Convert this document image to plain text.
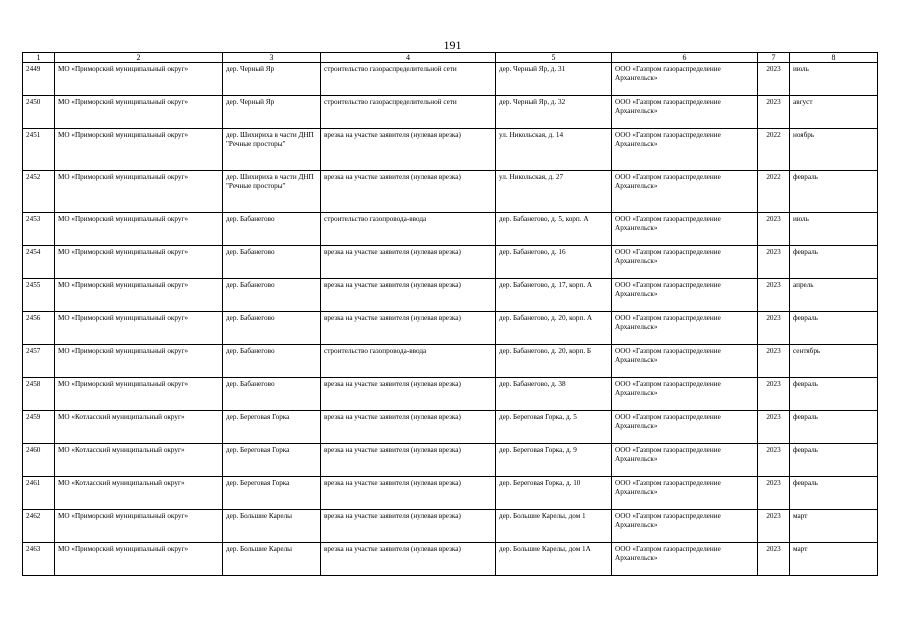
191
1	2	3	4	5	6	7	8
2449	МО «Приморский муниципальный округ»	дер. Черный Яр	строительство газораспределительной сети	дер. Черный Яр, д. 31	ООО «Газпром газораспределение Архангельск»	2023	июль
2450	МО «Приморский муниципальный округ»	дер. Черный Яр	строительство газораспределительной сети	дер. Черный Яр, д. 32	ООО «Газпром газораспределение Архангельск»	2023	август
2451	МО «Приморский муниципальный округ»	дер. Шихириха в части ДНП "Речные просторы"	врезка на участке заявителя (нулевая врезка)	ул. Никольская, д. 14	ООО «Газпром газораспределение Архангельск»	2022	ноябрь
2452	МО «Приморский муниципальный округ»	дер. Шихириха в части ДНП "Речные просторы"	врезка на участке заявителя (нулевая врезка)	ул. Никольская, д. 27	ООО «Газпром газораспределение Архангельск»	2022	февраль
2453	МО «Приморский муниципальный округ»	дер. Бабанегово	строительство газопровода-ввода	дер. Бабанегово, д. 5, корп. А	ООО «Газпром газораспределение Архангельск»	2023	июль
2454	МО «Приморский муниципальный округ»	дер. Бабанегово	врезка на участке заявителя (нулевая врезка)	дер. Бабанегово, д. 16	ООО «Газпром газораспределение Архангельск»	2023	февраль
2455	МО «Приморский муниципальный округ»	дер. Бабанегово	врезка на участке заявителя (нулевая врезка)	дер. Бабанегово, д. 17, корп. А	ООО «Газпром газораспределение Архангельск»	2023	апрель
2456	МО «Приморский муниципальный округ»	дер. Бабанегово	врезка на участке заявителя (нулевая врезка)	дер. Бабанегово, д. 20, корп. А	ООО «Газпром газораспределение Архангельск»	2023	февраль
2457	МО «Приморский муниципальный округ»	дер. Бабанегово	строительство газопровода-ввода	дер. Бабанегово, д. 20, корп. Б	ООО «Газпром газораспределение Архангельск»	2023	сентябрь
2458	МО «Приморский муниципальный округ»	дер. Бабанегово	врезка на участке заявителя (нулевая врезка)	дер. Бабанегово, д. 38	ООО «Газпром газораспределение Архангельск»	2023	февраль
2459	МО «Котласский муниципальный округ»	дер. Береговая Горка	врезка на участке заявителя (нулевая врезка)	дер. Береговая Горка, д. 5	ООО «Газпром газораспределение Архангельск»	2023	февраль
2460	МО «Котласский муниципальный округ»	дер. Береговая Горка	врезка на участке заявителя (нулевая врезка)	дер. Береговая Горка, д. 9	ООО «Газпром газораспределение Архангельск»	2023	февраль
2461	МО «Котласский муниципальный округ»	дер. Береговая Горка	врезка на участке заявителя (нулевая врезка)	дер. Береговая Горка, д. 10	ООО «Газпром газораспределение Архангельск»	2023	февраль
2462	МО «Приморский муниципальный округ»	дер. Большие Карелы	врезка на участке заявителя (нулевая врезка)	дер. Большие Карелы, дом 1	ООО «Газпром газораспределение Архангельск»	2023	март
2463	МО «Приморский муниципальный округ»	дер. Большие Карелы	врезка на участке заявителя (нулевая врезка)	дер. Большие Карелы, дом 1А	ООО «Газпром газораспределение Архангельск»	2023	март
